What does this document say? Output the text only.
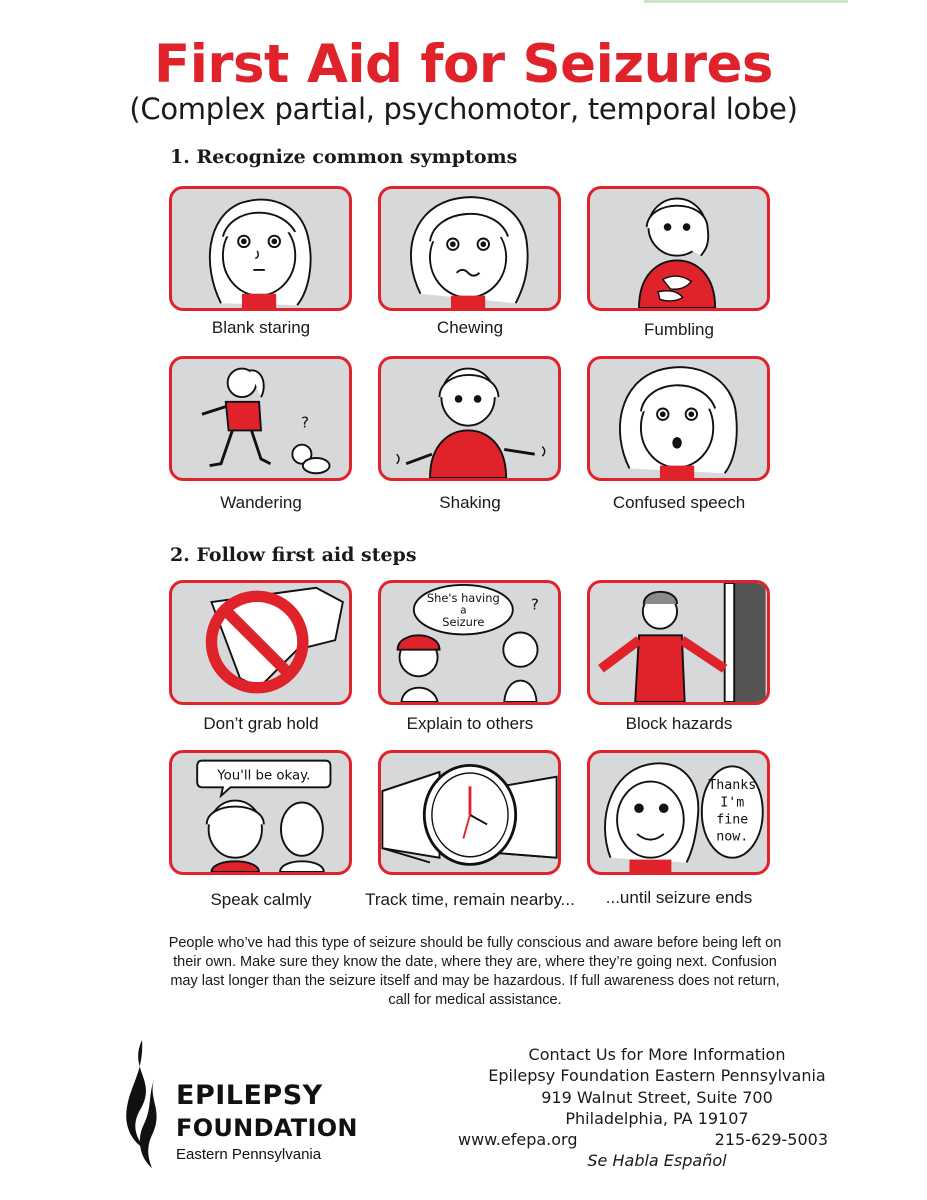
First Aid for Seizures
(Complex partial, psychomotor, temporal lobe)
1. Recognize common symptoms
Blank staring	Chewing	Fumbling
?
Wandering	Shaking	Confused speech
2. Follow first aid steps
Don’t grab hold
She's having
a
Seizure
?
Explain to others	Block hazards
You'll be okay.
Speak calmly	Track time, remain nearby...
Thanks
I'm
fine
now.
...until seizure ends

People who’ve had this type of seizure should be fully conscious and aware before being left on their own. Make sure they know the date, where they are, where they’re going next. Confusion may last longer than the seizure itself and may be hazardous. If full awareness does not return, call for medical assistance.

EPILEPSY
FOUNDATION
Eastern Pennsylvania
Contact Us for More Information
Epilepsy Foundation Eastern Pennsylvania
919 Walnut Street, Suite 700
Philadelphia, PA 19107
www.efepa.org	215-629-5003
Se Habla Español
